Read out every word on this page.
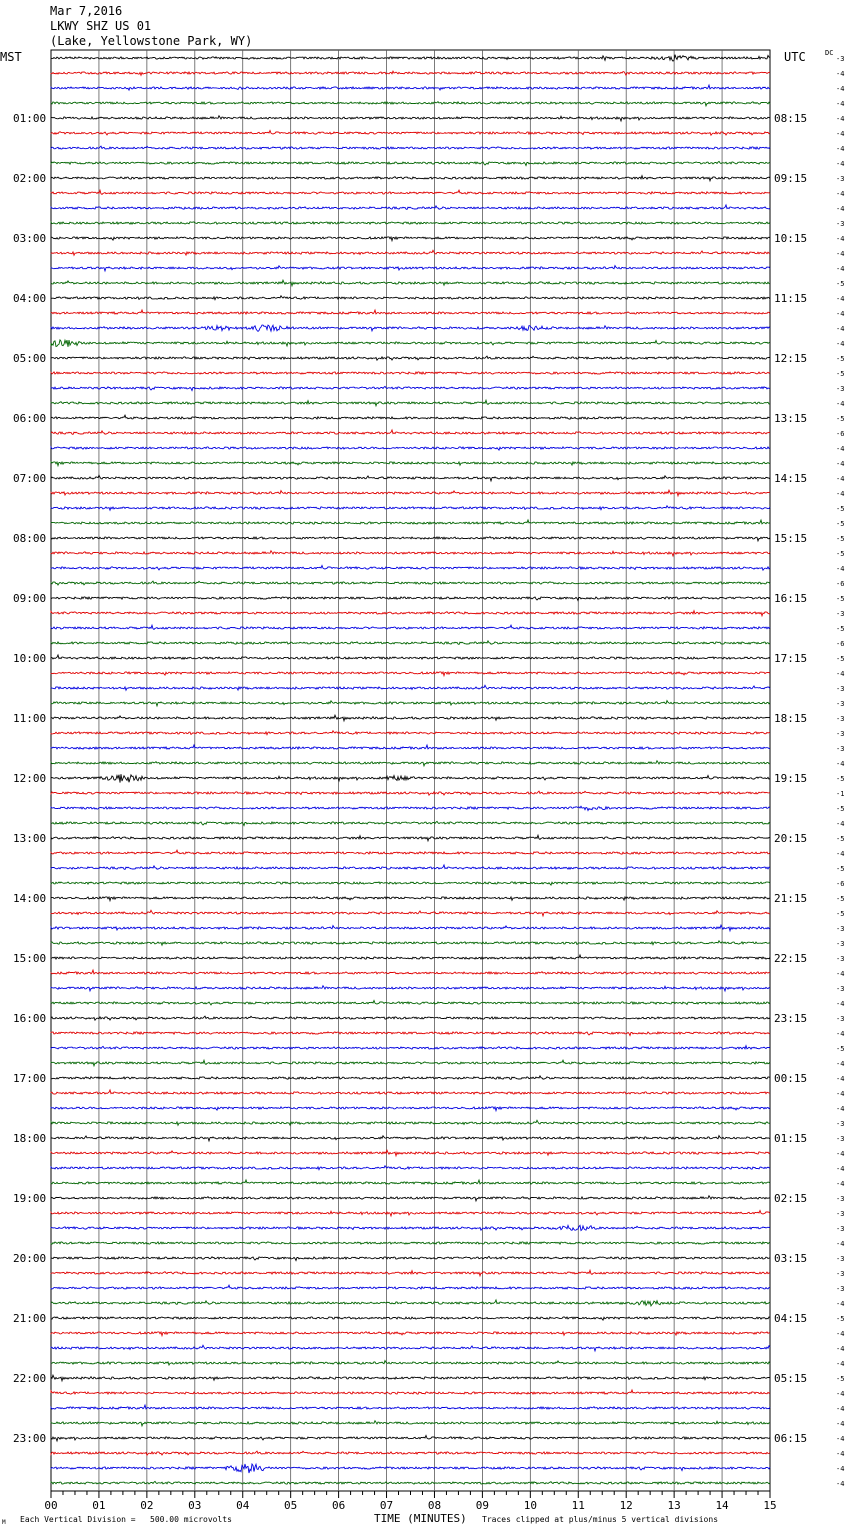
Mar 7,2016
LKWY SHZ US 01
(Lake, Yellowstone Park, WY)
MST	UTC	DC
-3
-4
-4
-4
-4
-4
-4
-4
-3
-4
-4
-3
-4
-4
-4
-5
-4
-4
-4
-4
-5
-5
-3
-4
-5
-6
-4
-4
-4
-4
-5
-5
-5
-5
-4
-6
-5
-3
-5
-6
-5
-4
-3
-3
-3
-3
-3
-4
-5
-1
-5
-4
-5
-4
-5
-6
-5
-5
-3
-3
-3
-4
-3
-4
-3
-4
-5
-4
-4
-4
-4
-3
-3
-4
-4
-4
-3
-3
-3
-4
-3
-3
-3
-4
-5
-4
-4
-4
-5
-4
-4
-4
-4
-4
-4
-4
01:00
02:00
03:00
04:00
05:00
06:00
07:00
08:00
09:00
10:00
11:00
12:00
13:00
14:00
15:00
16:00
17:00
18:00
19:00
20:00
21:00
22:00
23:00
08:15
09:15
10:15
11:15
12:15
13:15
14:15
15:15
16:15
17:15
18:15
19:15
20:15
21:15
22:15
23:15
00:15
01:15
02:15
03:15
04:15
05:15
06:15
00	01	02	03	04	05	06	07	08	09	10	11	12	13	14	15
TIME (MINUTES)
M Each Vertical Division =   500.00 microvolts	Traces clipped at plus/minus 5 vertical divisions
